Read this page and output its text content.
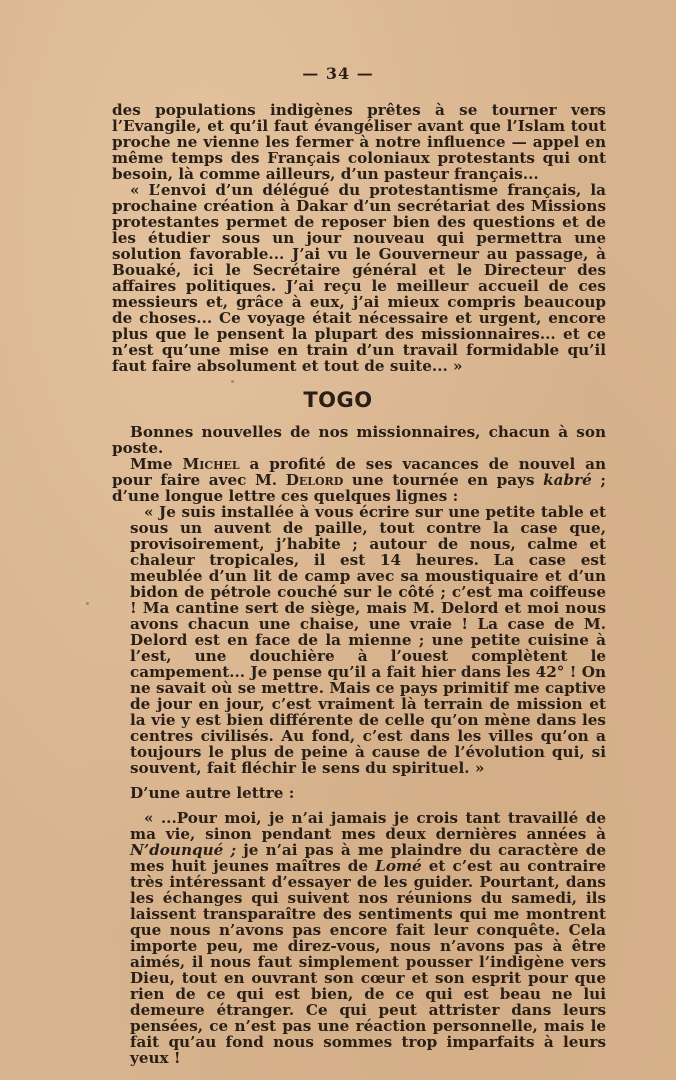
— 34 —

des populations indigènes prêtes à se tourner vers l’Evangile, et qu’il faut évangéliser avant que l’Islam tout proche ne vienne les fermer à notre influence — appel en même temps des Français coloniaux protestants qui ont besoin, là comme ailleurs, d’un pasteur français...

« L’envoi d’un délégué du protestantisme français, la prochaine création à Dakar d’un secrétariat des Missions protestantes permet de reposer bien des questions et de les étudier sous un jour nouveau qui permettra une solution favorable... J’ai vu le Gouverneur au passage, à Bouaké, ici le Secrétaire général et le Directeur des affaires politiques. J’ai reçu le meilleur accueil de ces messieurs et, grâce à eux, j’ai mieux compris beaucoup de choses... Ce voyage était nécessaire et urgent, encore plus que le pensent la plupart des missionnaires... et ce n’est qu’une mise en train d’un travail formidable qu’il faut faire absolument et tout de suite... »

TOGO

Bonnes nouvelles de nos missionnaires, chacun à son poste.

Mme Michel a profité de ses vacances de nouvel an pour faire avec M. Delord une tournée en pays kabré ; d’une longue lettre ces quelques lignes :

« Je suis installée à vous écrire sur une petite table et sous un auvent de paille, tout contre la case que, provisoirement, j’habite ; autour de nous, calme et chaleur tropicales, il est 14 heures. La case est meublée d’un lit de camp avec sa moustiquaire et d’un bidon de pétrole couché sur le côté ; c’est ma coiffeuse ! Ma cantine sert de siège, mais M. Delord et moi nous avons chacun une chaise, une vraie ! La case de M. Delord est en face de la mienne ; une petite cuisine à l’est, une douchière à l’ouest complètent le campement... Je pense qu’il a fait hier dans les 42° ! On ne savait où se mettre. Mais ce pays primitif me captive de jour en jour, c’est vraiment là terrain de mission et la vie y est bien différente de celle qu’on mène dans les centres civilisés. Au fond, c’est dans les villes qu’on a toujours le plus de peine à cause de l’évolution qui, si souvent, fait fléchir le sens du spirituel. »

D’une autre lettre :

« ...Pour moi, je n’ai jamais je crois tant travaillé de ma vie, sinon pendant mes deux dernières années à N’dounqué ; je n’ai pas à me plaindre du caractère de mes huit jeunes maîtres de Lomé et c’est au contraire très intéressant d’essayer de les guider. Pourtant, dans les échanges qui suivent nos réunions du samedi, ils laissent transparaître des sentiments qui me montrent que nous n’avons pas encore fait leur conquête. Cela importe peu, me direz-vous, nous n’avons pas à être aimés, il nous faut simplement pousser l’indigène vers Dieu, tout en ouvrant son cœur et son esprit pour que rien de ce qui est bien, de ce qui est beau ne lui demeure étranger. Ce qui peut attrister dans leurs pensées, ce n’est pas une réaction personnelle, mais le fait qu’au fond nous sommes trop imparfaits à leurs yeux !
